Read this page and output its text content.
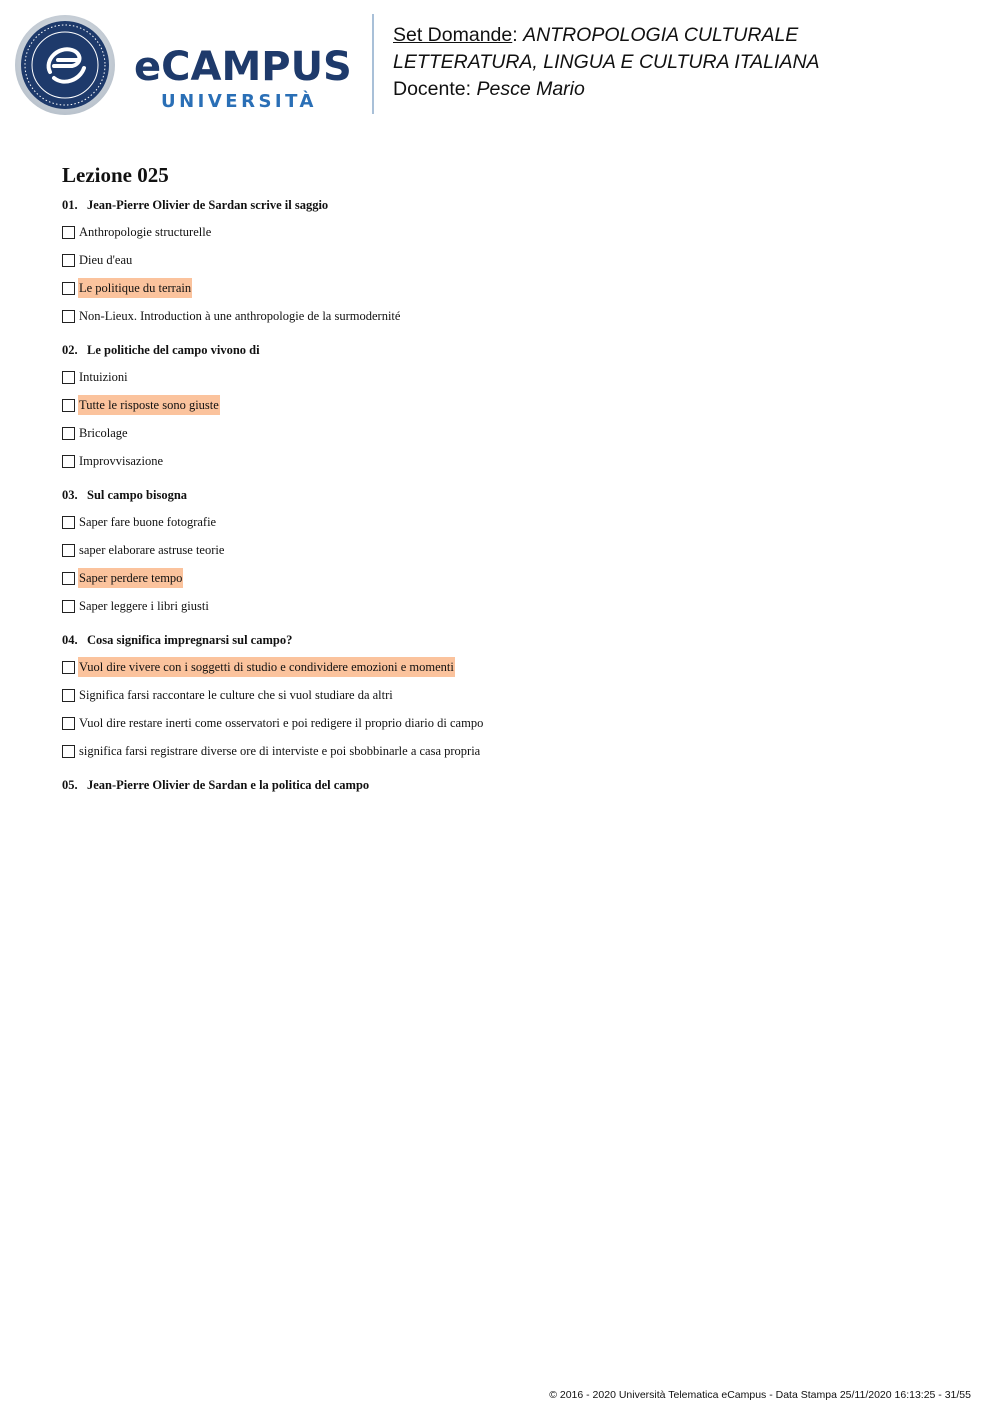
eCAMPUS
UNIVERSITÀ
Set Domande: ANTROPOLOGIA CULTURALE
LETTERATURA, LINGUA E CULTURA ITALIANA
Docente: Pesce Mario
Lezione 025
01. Jean-Pierre Olivier de Sardan scrive il saggio
Anthropologie structurelle
Dieu d'eau
Le politique du terrain
Non-Lieux. Introduction à une anthropologie de la surmodernité
02. Le politiche del campo vivono di
Intuizioni
Tutte le risposte sono giuste
Bricolage
Improvvisazione
03. Sul campo bisogna
Saper fare buone fotografie
saper elaborare astruse teorie
Saper perdere tempo
Saper leggere i libri giusti
04. Cosa significa impregnarsi sul campo?
Vuol dire vivere con i soggetti di studio e condividere emozioni e momenti
Significa farsi raccontare le culture che si vuol studiare da altri
Vuol dire restare inerti come osservatori e poi redigere il proprio diario di campo
significa farsi registrare diverse ore di interviste e poi sbobbinarle a casa propria
05. Jean-Pierre Olivier de Sardan e la politica del campo
© 2016 - 2020 Università Telematica eCampus - Data Stampa 25/11/2020 16:13:25 - 31/55
